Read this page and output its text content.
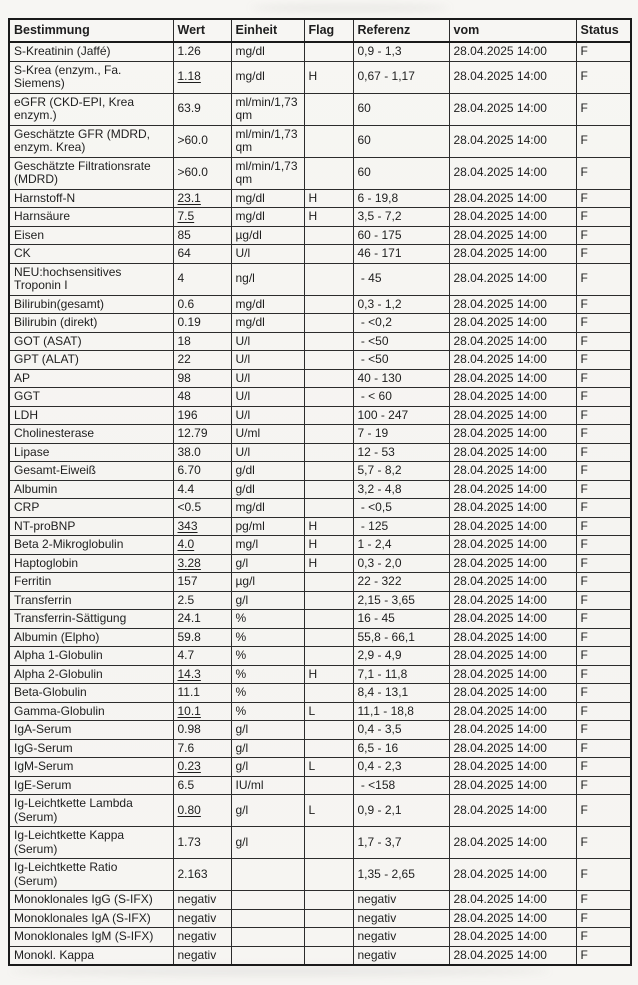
Bestimmung	Wert	Einheit	Flag	Referenz	vom	Status
S-Kreatinin (Jaffé)	1.26	mg/dl		0,9 - 1,3	28.04.2025 14:00	F
S-Krea (enzym., Fa. Siemens)	1.18	mg/dl	H	0,67 - 1,17	28.04.2025 14:00	F
eGFR (CKD-EPI, Krea enzym.)	63.9	ml/min/1,73qm		60	28.04.2025 14:00	F
Geschätzte GFR (MDRD, enzym. Krea)	>60.0	ml/min/1,73qm		60	28.04.2025 14:00	F
Geschätzte Filtrationsrate (MDRD)	>60.0	ml/min/1,73qm		60	28.04.2025 14:00	F
Harnstoff-N	23.1	mg/dl	H	6 - 19,8	28.04.2025 14:00	F
Harnsäure	7.5	mg/dl	H	3,5 - 7,2	28.04.2025 14:00	F
Eisen	85	µg/dl		60 - 175	28.04.2025 14:00	F
CK	64	U/l		46 - 171	28.04.2025 14:00	F
NEU:hochsensitives Troponin I	4	ng/l		- 45	28.04.2025 14:00	F
Bilirubin(gesamt)	0.6	mg/dl		0,3 - 1,2	28.04.2025 14:00	F
Bilirubin (direkt)	0.19	mg/dl		- <0,2	28.04.2025 14:00	F
GOT (ASAT)	18	U/l		- <50	28.04.2025 14:00	F
GPT (ALAT)	22	U/l		- <50	28.04.2025 14:00	F
AP	98	U/l		40 - 130	28.04.2025 14:00	F
GGT	48	U/l		- < 60	28.04.2025 14:00	F
LDH	196	U/l		100 - 247	28.04.2025 14:00	F
Cholinesterase	12.79	U/ml		7 - 19	28.04.2025 14:00	F
Lipase	38.0	U/l		12 - 53	28.04.2025 14:00	F
Gesamt-Eiweiß	6.70	g/dl		5,7 - 8,2	28.04.2025 14:00	F
Albumin	4.4	g/dl		3,2 - 4,8	28.04.2025 14:00	F
CRP	<0.5	mg/dl		- <0,5	28.04.2025 14:00	F
NT-proBNP	343	pg/ml	H	- 125	28.04.2025 14:00	F
Beta 2-Mikroglobulin	4.0	mg/l	H	1 - 2,4	28.04.2025 14:00	F
Haptoglobin	3.28	g/l	H	0,3 - 2,0	28.04.2025 14:00	F
Ferritin	157	µg/l		22 - 322	28.04.2025 14:00	F
Transferrin	2.5	g/l		2,15 - 3,65	28.04.2025 14:00	F
Transferrin-Sättigung	24.1	%		16 - 45	28.04.2025 14:00	F
Albumin (Elpho)	59.8	%		55,8 - 66,1	28.04.2025 14:00	F
Alpha 1-Globulin	4.7	%		2,9 - 4,9	28.04.2025 14:00	F
Alpha 2-Globulin	14.3	%	H	7,1 - 11,8	28.04.2025 14:00	F
Beta-Globulin	11.1	%		8,4 - 13,1	28.04.2025 14:00	F
Gamma-Globulin	10.1	%	L	11,1 - 18,8	28.04.2025 14:00	F
IgA-Serum	0.98	g/l		0,4 - 3,5	28.04.2025 14:00	F
IgG-Serum	7.6	g/l		6,5 - 16	28.04.2025 14:00	F
IgM-Serum	0.23	g/l	L	0,4 - 2,3	28.04.2025 14:00	F
IgE-Serum	6.5	IU/ml		- <158	28.04.2025 14:00	F
Ig-Leichtkette Lambda (Serum)	0.80	g/l	L	0,9 - 2,1	28.04.2025 14:00	F
Ig-Leichtkette Kappa (Serum)	1.73	g/l		1,7 - 3,7	28.04.2025 14:00	F
Ig-Leichtkette Ratio (Serum)	2.163			1,35 - 2,65	28.04.2025 14:00	F
Monoklonales IgG (S-IFX)	negativ			negativ	28.04.2025 14:00	F
Monoklonales IgA (S-IFX)	negativ			negativ	28.04.2025 14:00	F
Monoklonales IgM (S-IFX)	negativ			negativ	28.04.2025 14:00	F
Monokl. Kappa	negativ			negativ	28.04.2025 14:00	F
